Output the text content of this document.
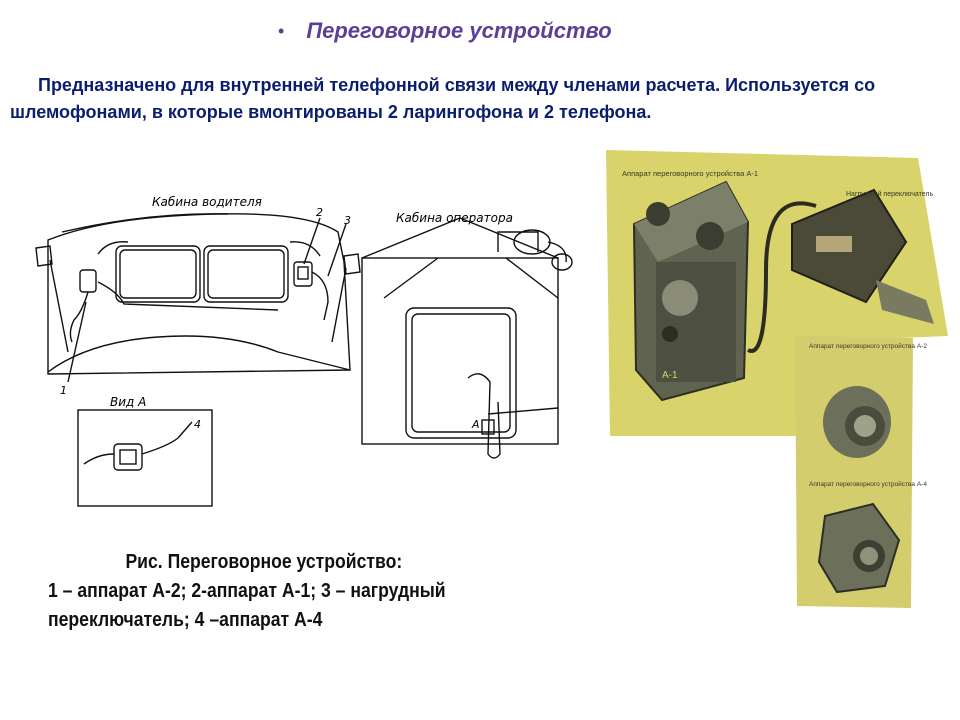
• Переговорное устройство

Предназначено для внутренней телефонной связи между членами расчета. Используется со шлемофонами, в которые вмонтированы 2 ларингофона и 2 телефона.

Кабина водителя
Кабина оператора
Вид А
1
2
3
4	А
Аппарат переговорного устройства А-1
Нагрудный переключатель
А-1
Аппарат переговорного устройства А-2
Аппарат переговорного устройства А-4
Рис. Переговорное устройство:
1 – аппарат А-2; 2-аппарат А-1; 3 – нагрудный
переключатель; 4 –аппарат А-4
